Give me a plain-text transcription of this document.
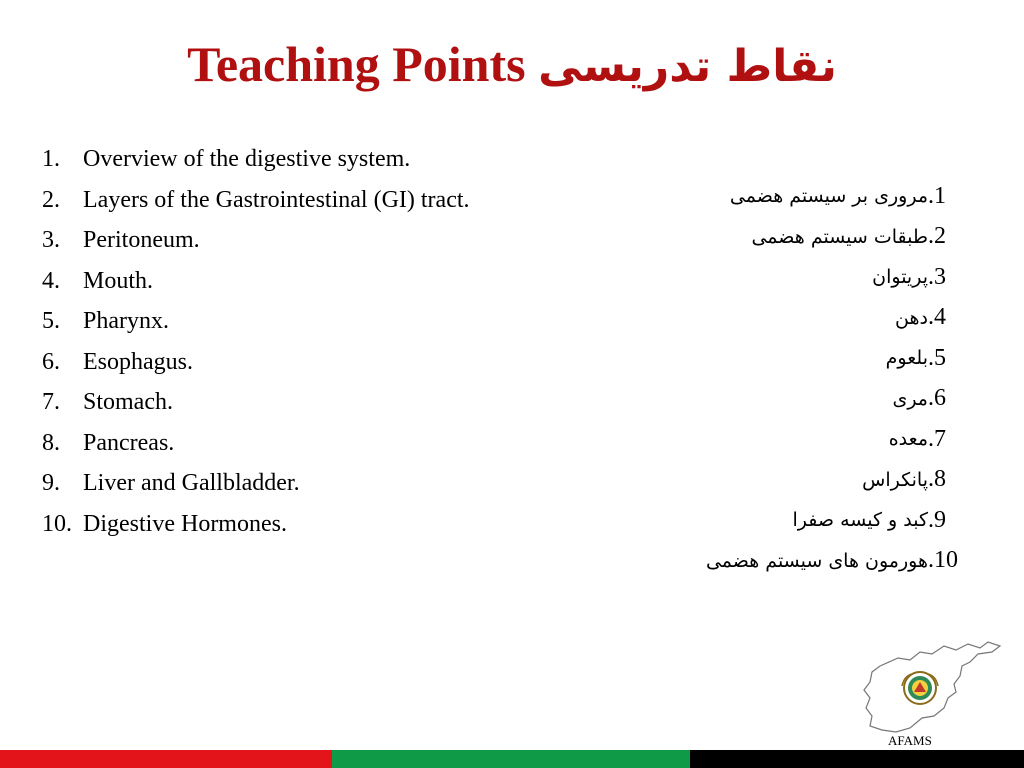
Teaching Points نقاط تدریسی
1. Overview of the digestive system.
2. Layers of the Gastrointestinal (GI) tract.
3. Peritoneum.
4. Mouth.
5. Pharynx.
6. Esophagus.
7. Stomach.
8. Pancreas.
9. Liver and Gallbladder.
10. Digestive Hormones.
.1
مروری بر سیستم هضمی
.2
طبقات سیستم هضمی
.3
پریتوان
.4
دهن
.5
بلعوم
.6
مری
.7
معده
.8
پانکراس
.9
کبد و کیسه صفرا
.10
هورمون های سیستم هضمی
AFAMS
